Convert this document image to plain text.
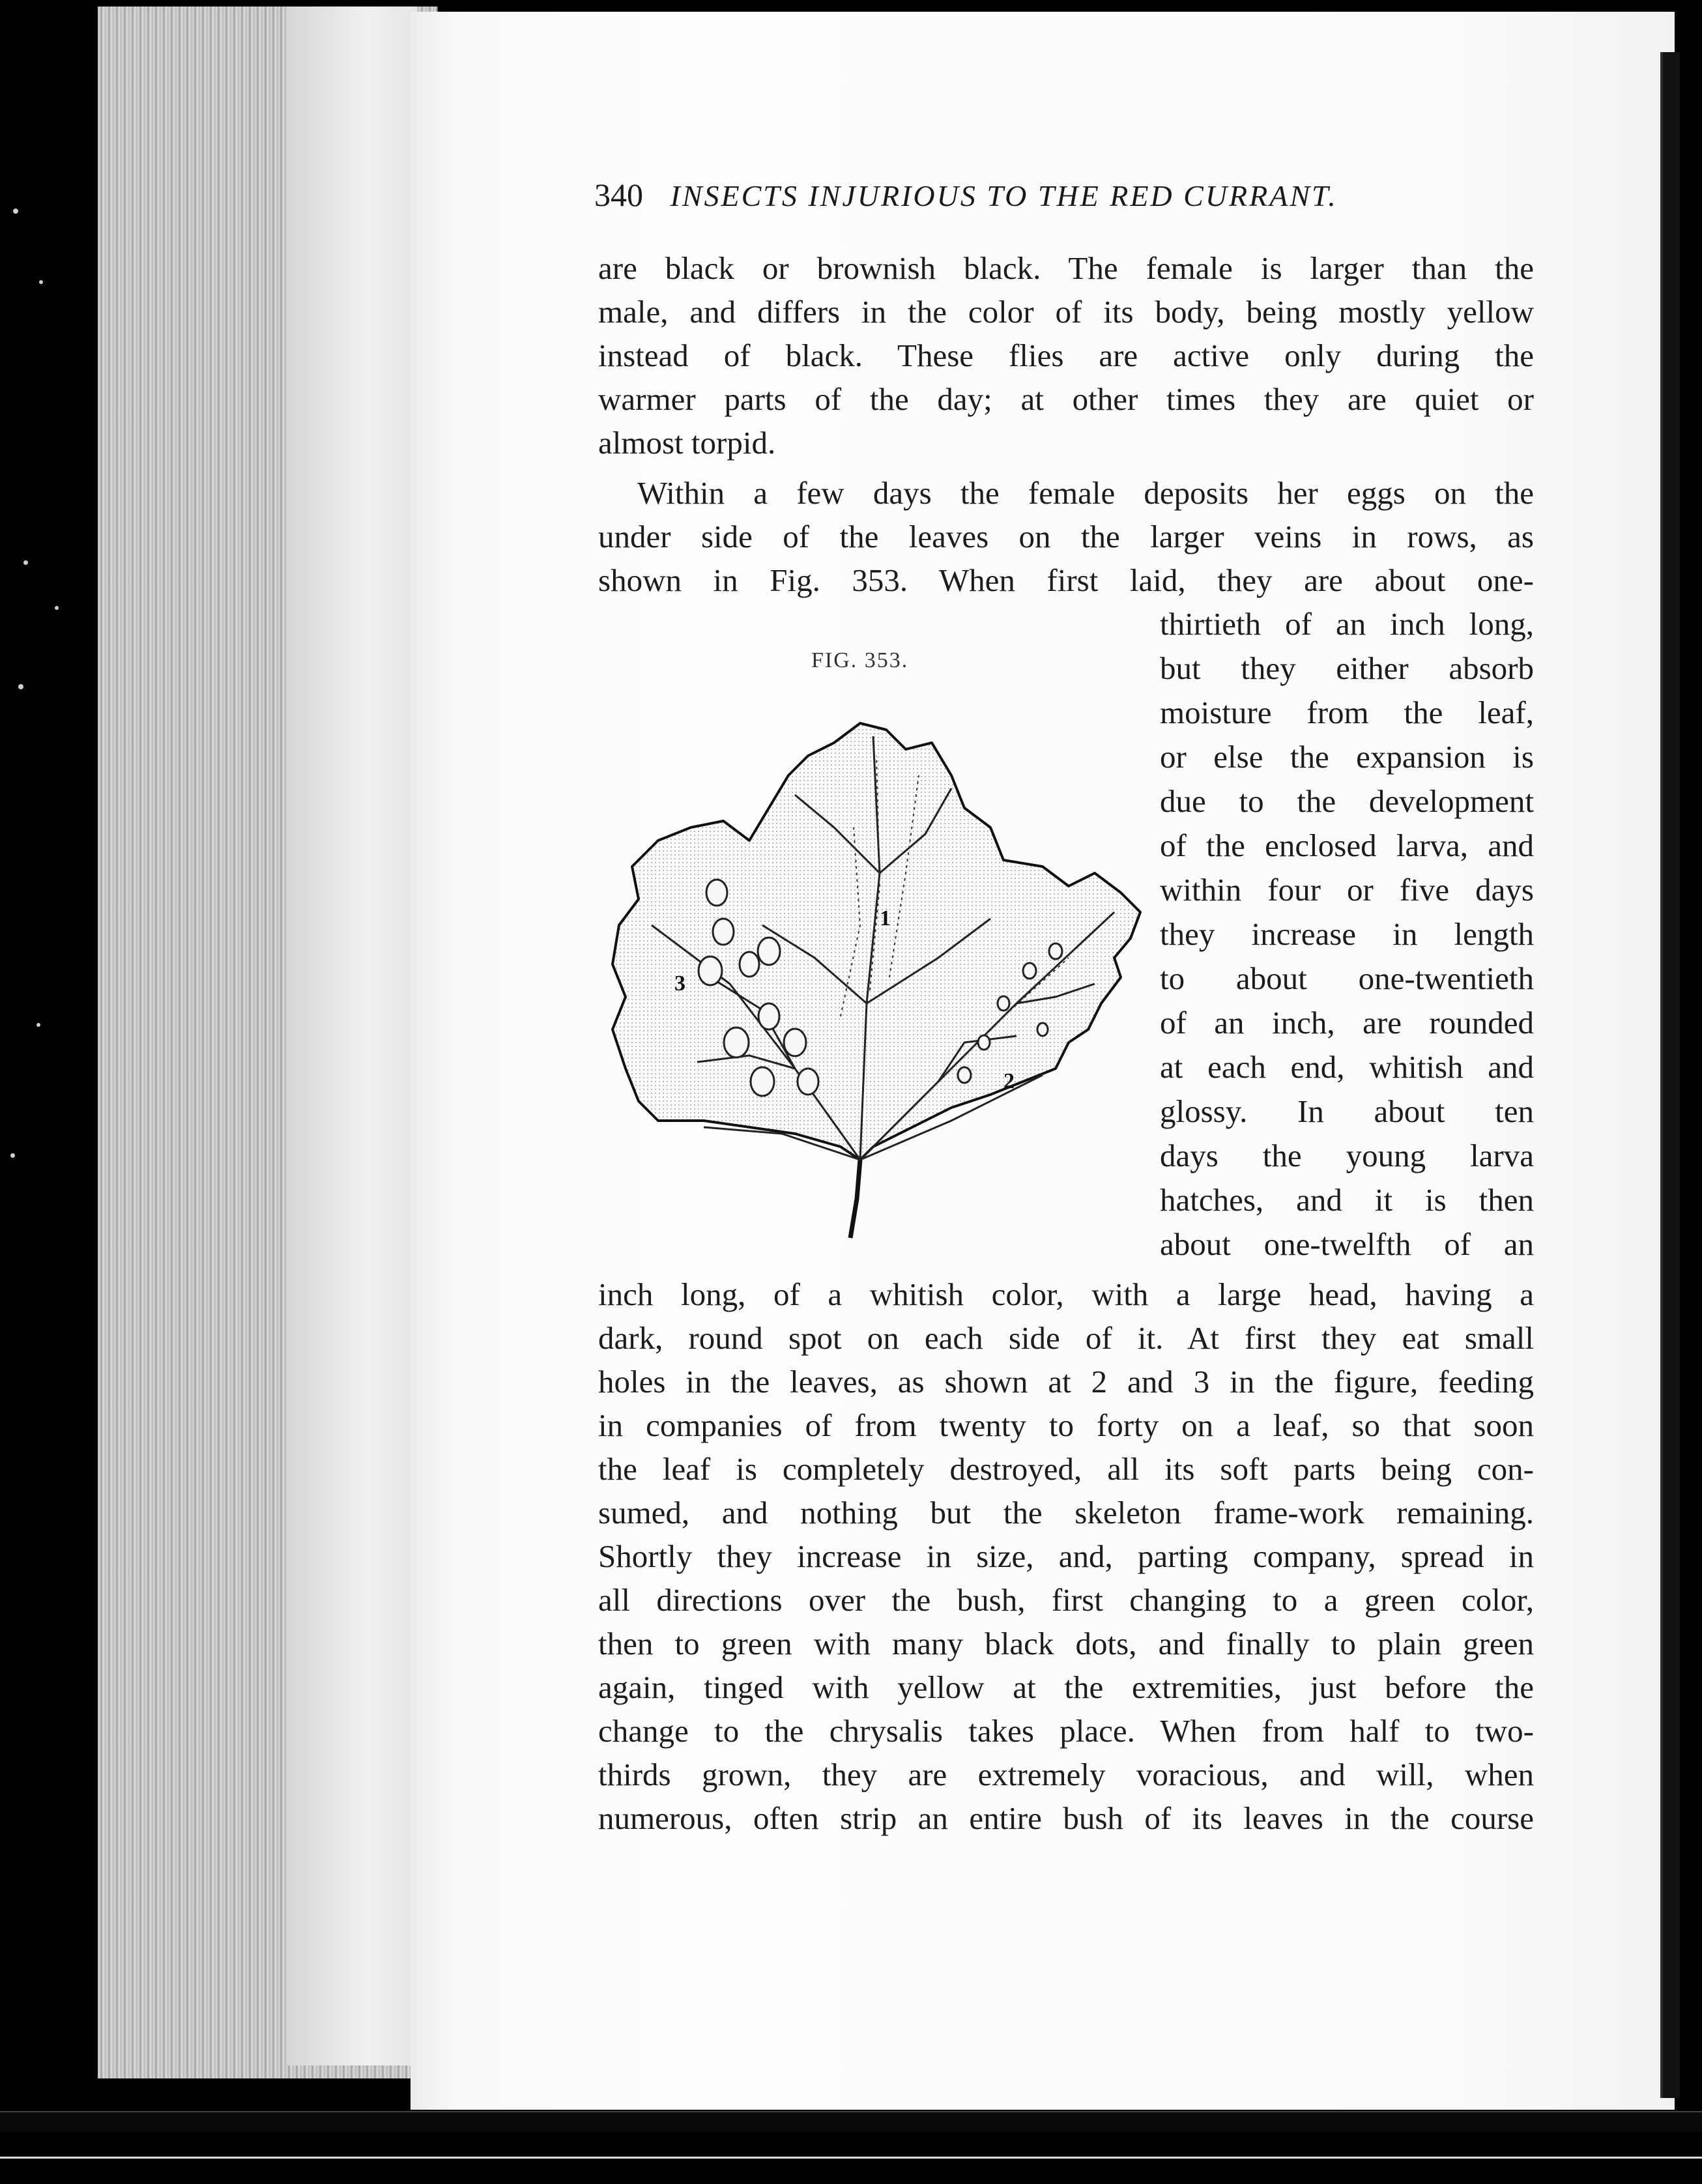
340 INSECTS INJURIOUS TO THE RED CURRANT.
are black or brownish black. The female is larger than the
male, and differs in the color of its body, being mostly yellow
instead of black. These flies are active only during the
warmer parts of the day; at other times they are quiet or
almost torpid.
Within a few days the female deposits her eggs on the
under side of the leaves on the larger veins in rows, as
shown in Fig. 353. When first laid, they are about one-
thirtieth of an inch long,
but they either absorb
moisture from the leaf,
or else the expansion is
due to the development
of the enclosed larva, and
within four or five days
they increase in length
to about one-twentieth
of an inch, are rounded
at each end, whitish and
glossy. In about ten
days the young larva
hatches, and it is then
about one-twelfth of an
inch long, of a whitish color, with a large head, having a
dark, round spot on each side of it. At first they eat small
holes in the leaves, as shown at 2 and 3 in the figure, feeding
in companies of from twenty to forty on a leaf, so that soon
the leaf is completely destroyed, all its soft parts being con-
sumed, and nothing but the skeleton frame-work remaining.
Shortly they increase in size, and, parting company, spread in
all directions over the bush, first changing to a green color,
then to green with many black dots, and finally to plain green
again, tinged with yellow at the extremities, just before the
change to the chrysalis takes place. When from half to two-
thirds grown, they are extremely voracious, and will, when
numerous, often strip an entire bush of its leaves in the course
FIG. 353.
1
2
3
